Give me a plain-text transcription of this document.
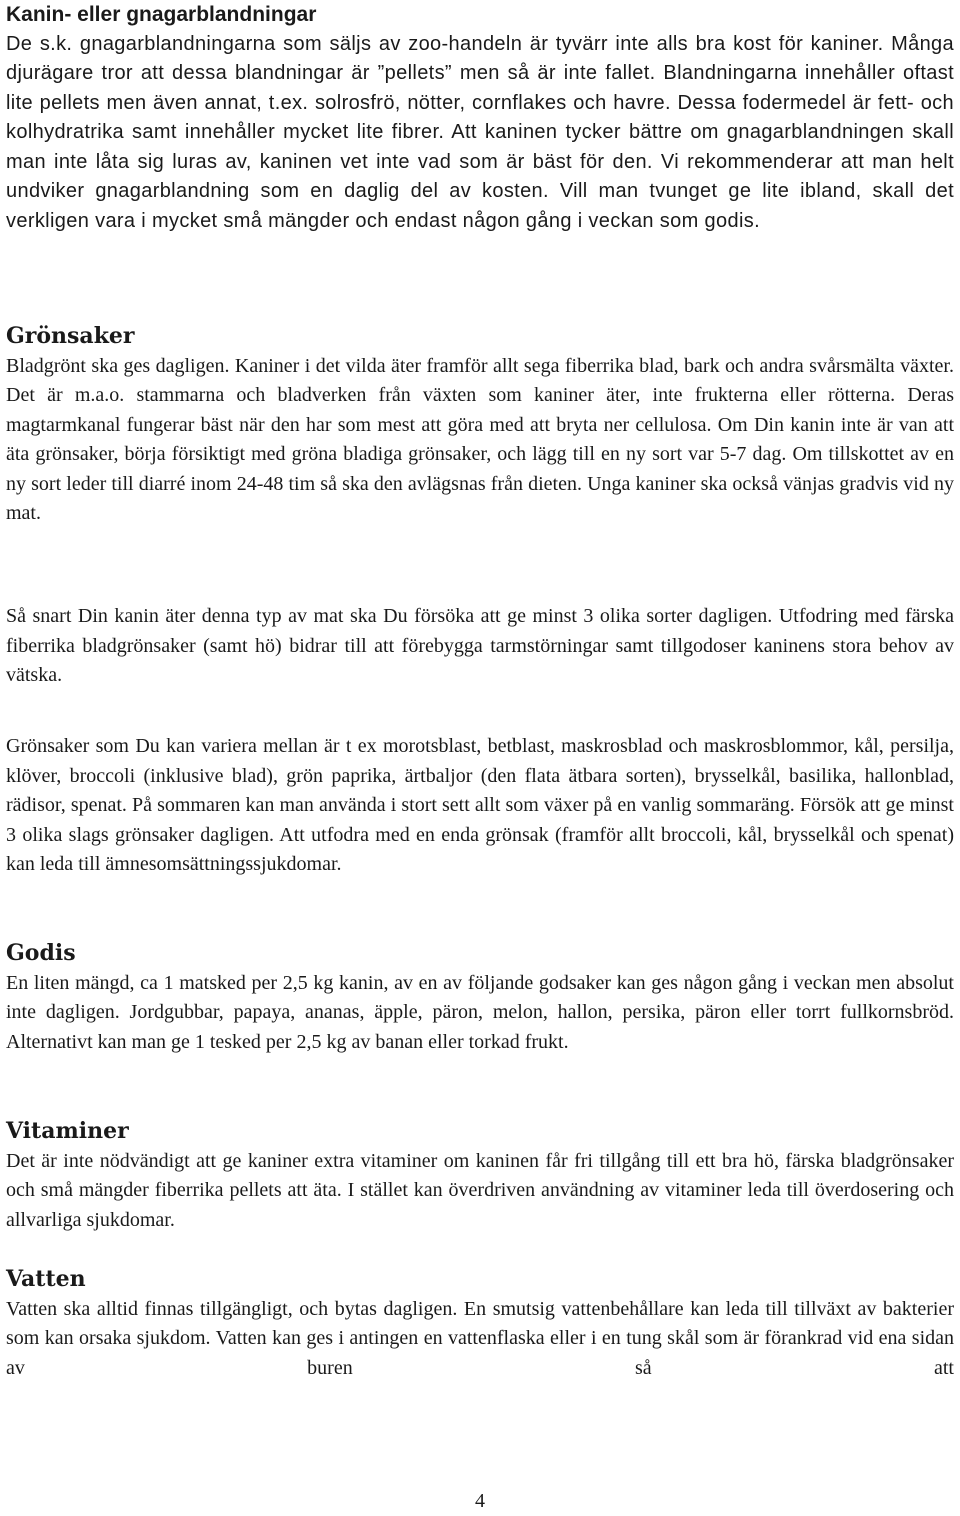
Kanin- eller gnagarblandningar

De s.k. gnagarblandningarna som säljs av zoo-handeln är tyvärr inte alls bra kost för kaniner. Många djurägare tror att dessa blandningar är ”pellets” men så är inte fallet. Blandningarna innehåller oftast lite pellets men även annat, t.ex. solrosfrö, nötter, cornflakes och havre. Dessa fodermedel är fett- och kolhydratrika samt innehåller mycket lite fibrer. Att kaninen tycker bättre om gnagarblandningen skall man inte låta sig luras av, kaninen vet inte vad som är bäst för den. Vi rekommenderar att man helt undviker gnagarblandning som en daglig del av kosten. Vill man tvunget ge lite ibland, skall det verkligen vara i mycket små mängder och endast någon gång i veckan som godis.

Grönsaker

Bladgrönt ska ges dagligen. Kaniner i det vilda äter framför allt sega fiberrika blad, bark och andra svårsmälta växter. Det är m.a.o. stammarna och bladverken från växten som kaniner äter, inte frukterna eller rötterna. Deras magtarmkanal fungerar bäst när den har som mest att göra med att bryta ner cellulosa. Om Din kanin inte är van att äta grönsaker, börja försiktigt med gröna bladiga grönsaker, och lägg till en ny sort var 5-7 dag. Om tillskottet av en ny sort leder till diarré inom 24-48 tim så ska den avlägsnas från dieten. Unga kaniner ska också vänjas gradvis vid ny mat.

Så snart Din kanin äter denna typ av mat ska Du försöka att ge minst 3 olika sorter dagligen. Utfodring med färska fiberrika bladgrönsaker (samt hö) bidrar till att förebygga tarmstörningar samt tillgodoser kaninens stora behov av vätska.

Grönsaker som Du kan variera mellan är t ex morotsblast, betblast, maskrosblad och maskrosblommor, kål, persilja, klöver, broccoli (inklusive blad), grön paprika, ärtbaljor (den flata ätbara sorten), brysselkål, basilika, hallonblad, rädisor, spenat. På sommaren kan man använda i stort sett allt som växer på en vanlig sommaräng. Försök att ge minst 3 olika slags grönsaker dagligen. Att utfodra med en enda grönsak (framför allt broccoli, kål, brysselkål och spenat) kan leda till ämnesomsättningssjukdomar.

Godis

En liten mängd, ca 1 matsked per 2,5 kg kanin, av en av följande godsaker kan ges någon gång i veckan men absolut inte dagligen. Jordgubbar, papaya, ananas, äpple, päron, melon, hallon, persika, päron eller torrt fullkornsbröd. Alternativt kan man ge 1 tesked per 2,5 kg av banan eller torkad frukt.

Vitaminer

Det är inte nödvändigt att ge kaniner extra vitaminer om kaninen får fri tillgång till ett bra hö, färska bladgrönsaker och små mängder fiberrika pellets att äta. I stället kan överdriven användning av vitaminer leda till överdosering och allvarliga sjukdomar.

Vatten

Vatten ska alltid finnas tillgängligt, och bytas dagligen. En smutsig vattenbehållare kan leda till tillväxt av bakterier som kan orsaka sjukdom. Vatten kan ges i antingen en vattenflaska eller i en tung skål som är förankrad vid ena sidan av buren så att

4
